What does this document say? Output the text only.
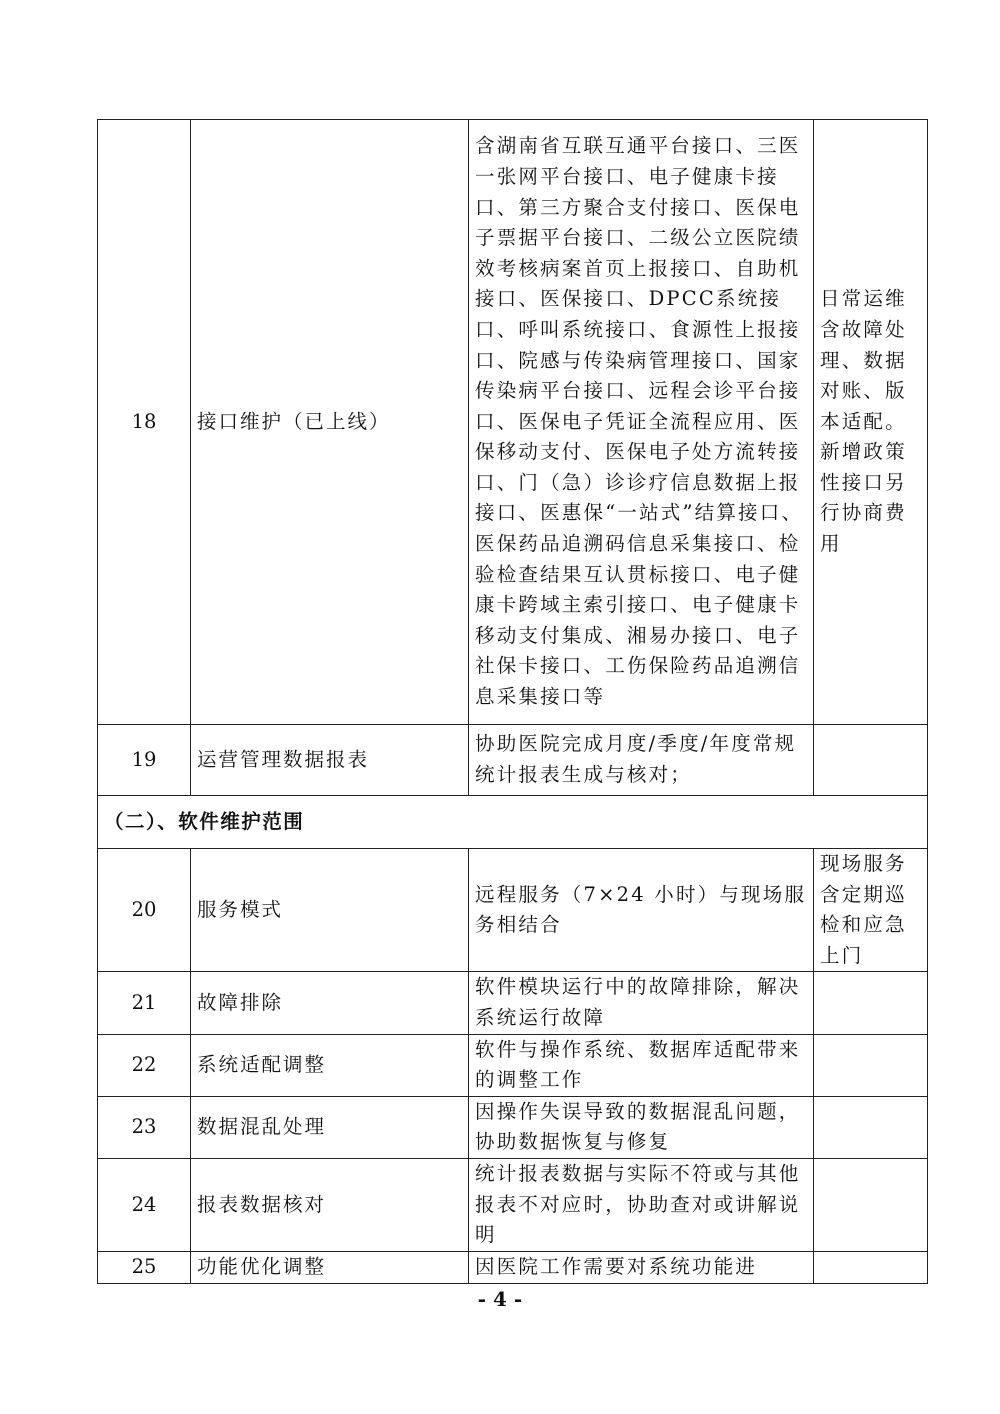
18	接口维护（已上线）	含湖南省互联互通平台接口、三医一张网平台接口、电子健康卡接口、第三方聚合支付接口、医保电子票据平台接口、二级公立医院绩效考核病案首页上报接口、自助机接口、医保接口、DPCC系统接口、呼叫系统接口、食源性上报接口、院感与传染病管理接口、国家传染病平台接口、远程会诊平台接口、医保电子凭证全流程应用、医保移动支付、医保电子处方流转接口、门（急）诊诊疗信息数据上报接口、医惠保“一站式”结算接口、医保药品追溯码信息采集接口、检验检查结果互认贯标接口、电子健康卡跨域主索引接口、电子健康卡移动支付集成、湘易办接口、电子社保卡接口、工伤保险药品追溯信息采集接口等	日常运维含故障处理、数据对账、版本适配。新增政策性接口另行协商费用
19	运营管理数据报表	协助医院完成月度/季度/年度常规统计报表生成与核对；	
（二）、软件维护范围			
20	服务模式	远程服务（7×24 小时）与现场服务相结合	现场服务含定期巡检和应急上门
21	故障排除	软件模块运行中的故障排除，解决系统运行故障	
22	系统适配调整	软件与操作系统、数据库适配带来的调整工作	
23	数据混乱处理	因操作失误导致的数据混乱问题，协助数据恢复与修复	
24	报表数据核对	统计报表数据与实际不符或与其他报表不对应时，协助查对或讲解说明	
25	功能优化调整	因医院工作需要对系统功能进	
- 4 -
